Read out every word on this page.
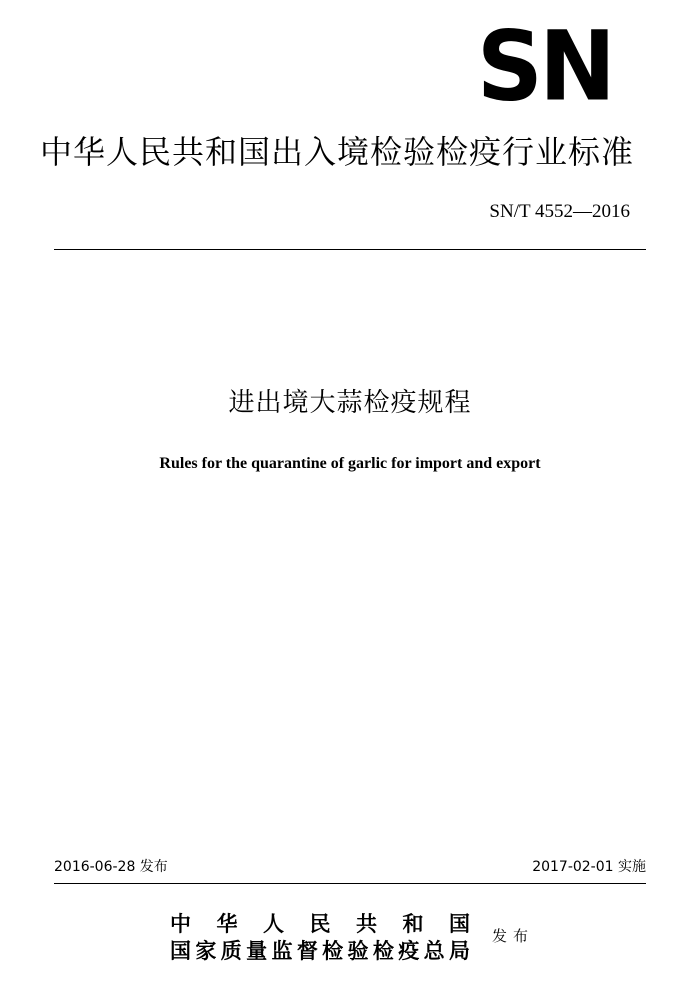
SN
中华人民共和国出入境检验检疫行业标准
SN/T 4552—2016
进出境大蒜检疫规程
Rules for the quarantine of garlic for import and export
2016-06-28 发布	2017-02-01 实施
中华人民共和国
国家质量监督检验检疫总局
发布
